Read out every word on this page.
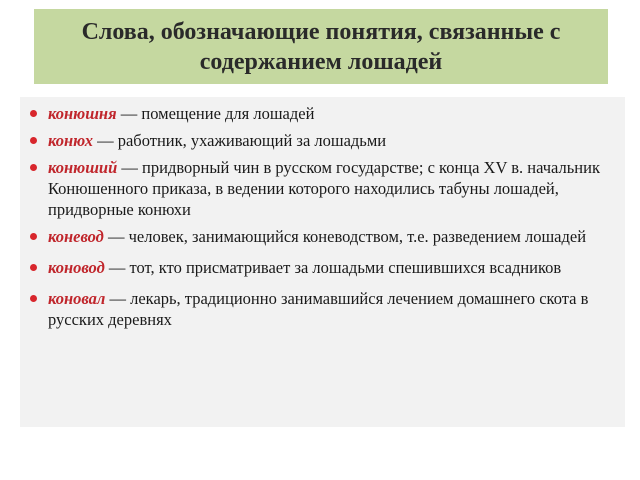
Слова, обозначающие понятия, связанные с содержанием лошадей
конюшня — помещение для лошадей
конюх — работник, ухаживающий за лошадьми
конюший — придворный чин в русском государстве; с конца XV в. начальник Конюшенного приказа, в ведении которого находились табуны лошадей, придворные конюхи
коневод — человек, занимающийся коневодством, т.е. разведением лошадей
коновод — тот, кто присматривает за лошадьми спешившихся всадников
коновал — лекарь, традиционно занимавшийся лечением домашнего скота в русских деревнях
